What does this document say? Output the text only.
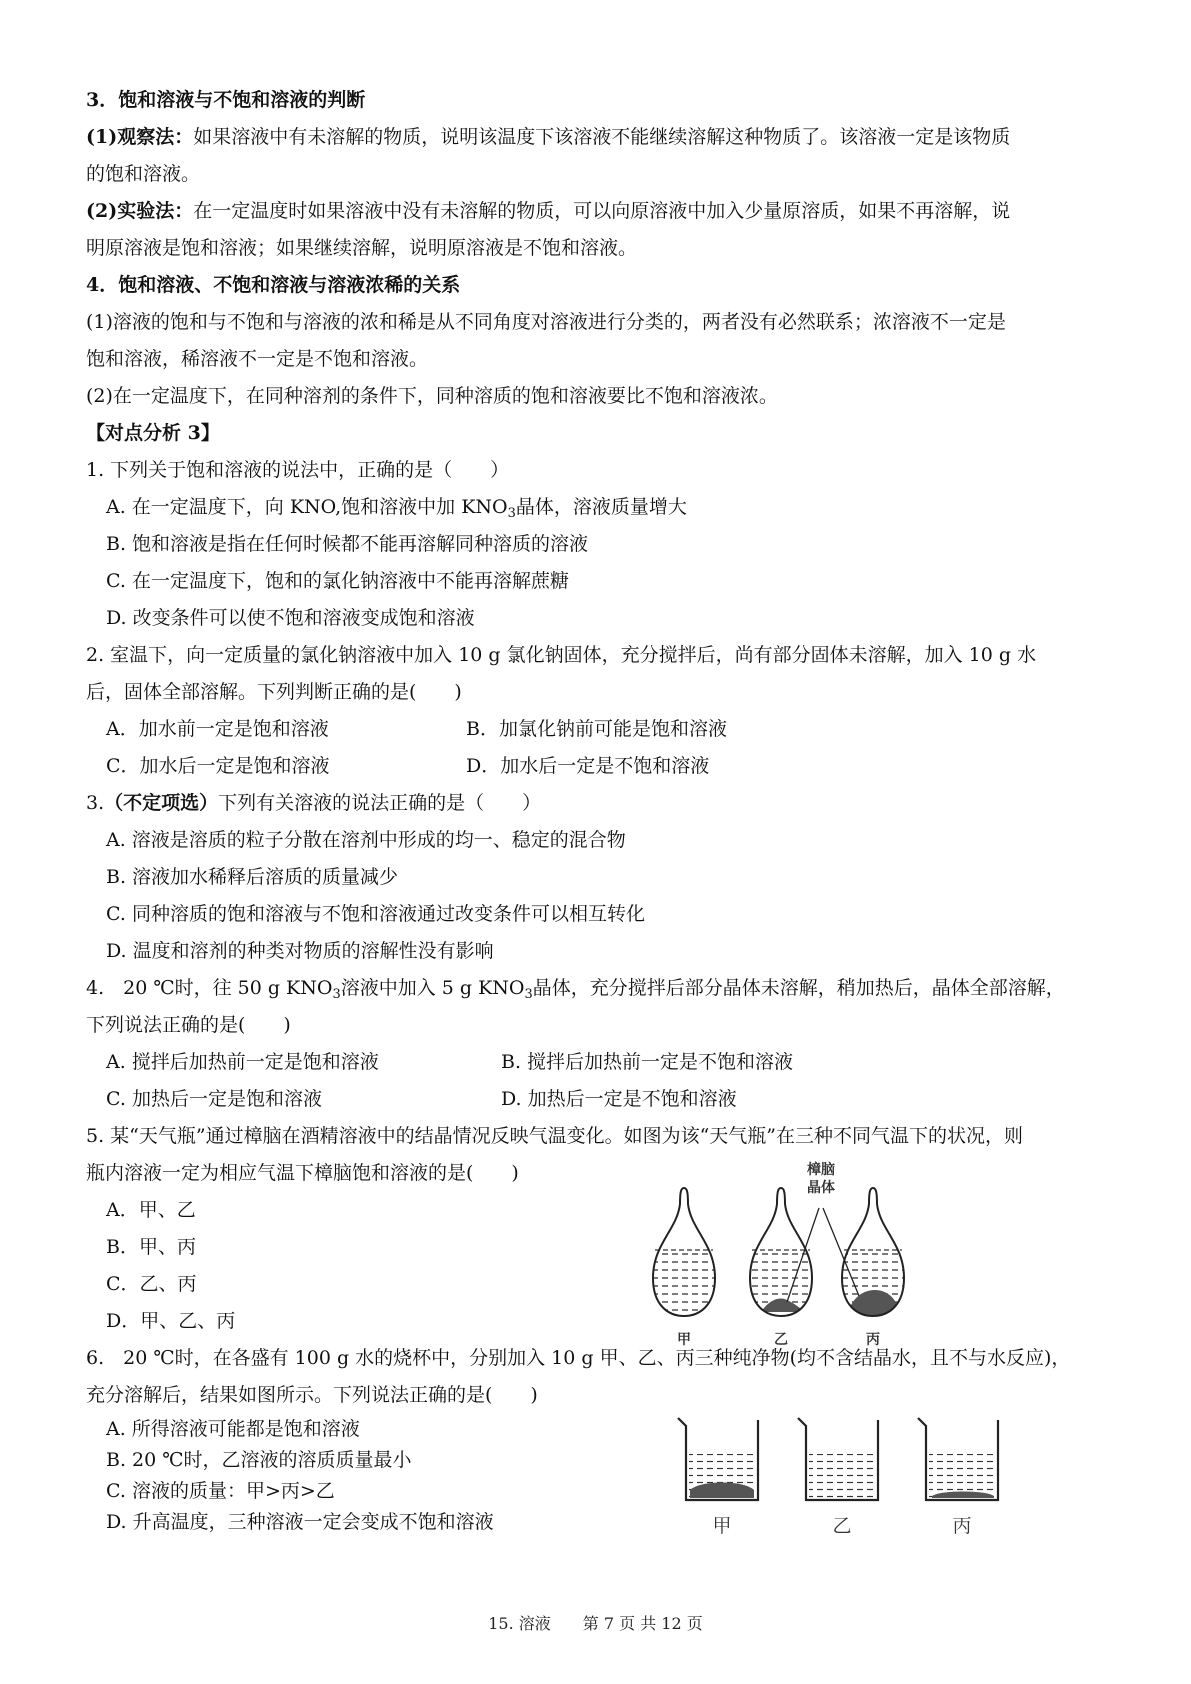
3．饱和溶液与不饱和溶液的判断
(1)观察法：如果溶液中有未溶解的物质，说明该温度下该溶液不能继续溶解这种物质了。该溶液一定是该物质
的饱和溶液。
(2)实验法：在一定温度时如果溶液中没有未溶解的物质，可以向原溶液中加入少量原溶质，如果不再溶解，说
明原溶液是饱和溶液；如果继续溶解，说明原溶液是不饱和溶液。
4．饱和溶液、不饱和溶液与溶液浓稀的关系
(1)溶液的饱和与不饱和与溶液的浓和稀是从不同角度对溶液进行分类的，两者没有必然联系；浓溶液不一定是
饱和溶液，稀溶液不一定是不饱和溶液。
(2)在一定温度下，在同种溶剂的条件下，同种溶质的饱和溶液要比不饱和溶液浓。
【对点分析 3】
1. 下列关于饱和溶液的说法中，正确的是（　　）
A. 在一定温度下，向 KNO,饱和溶液中加 $KNO_3$晶体，溶液质量增大
B. 饱和溶液是指在任何时候都不能再溶解同种溶质的溶液
C. 在一定温度下，饱和的氯化钠溶液中不能再溶解蔗糖
D. 改变条件可以使不饱和溶液变成饱和溶液
2. 室温下，向一定质量的氯化钠溶液中加入 10 g 氯化钠固体，充分搅拌后，尚有部分固体未溶解，加入 10 g 水
后，固体全部溶解。下列判断正确的是(　　)
A．加水前一定是饱和溶液	B．加氯化钠前可能是饱和溶液
C．加水后一定是饱和溶液	D．加水后一定是不饱和溶液
3.（不定项选）下列有关溶液的说法正确的是（　　）
A. 溶液是溶质的粒子分散在溶剂中形成的均一、稳定的混合物
B. 溶液加水稀释后溶质的质量减少
C. 同种溶质的饱和溶液与不饱和溶液通过改变条件可以相互转化
D. 温度和溶剂的种类对物质的溶解性没有影响
4.　20 ℃时，往 50 g $KNO_3$溶液中加入 5 g $KNO_3$晶体，充分搅拌后部分晶体未溶解，稍加热后，晶体全部溶解，
下列说法正确的是(　　)
A. 搅拌后加热前一定是饱和溶液	B. 搅拌后加热前一定是不饱和溶液
C. 加热后一定是饱和溶液	D. 加热后一定是不饱和溶液
5. 某“天气瓶”通过樟脑在酒精溶液中的结晶情况反映气温变化。如图为该“天气瓶”在三种不同气温下的状况，则
瓶内溶液一定为相应气温下樟脑饱和溶液的是(　　)
A．甲、乙
B．甲、丙
C．乙、丙
D．甲、乙、丙
樟脑
晶体
甲	乙	丙
6.　20 ℃时，在各盛有 100 g 水的烧杯中，分别加入 10 g 甲、乙、丙三种纯净物(均不含结晶水，且不与水反应)，
充分溶解后，结果如图所示。下列说法正确的是(　　)
A. 所得溶液可能都是饱和溶液
B. 20 ℃时，乙溶液的溶质质量最小
C. 溶液的质量：甲>丙>乙
D. 升高温度，三种溶液一定会变成不饱和溶液	甲	乙	丙
15. 溶液　　第 7 页 共 12 页
